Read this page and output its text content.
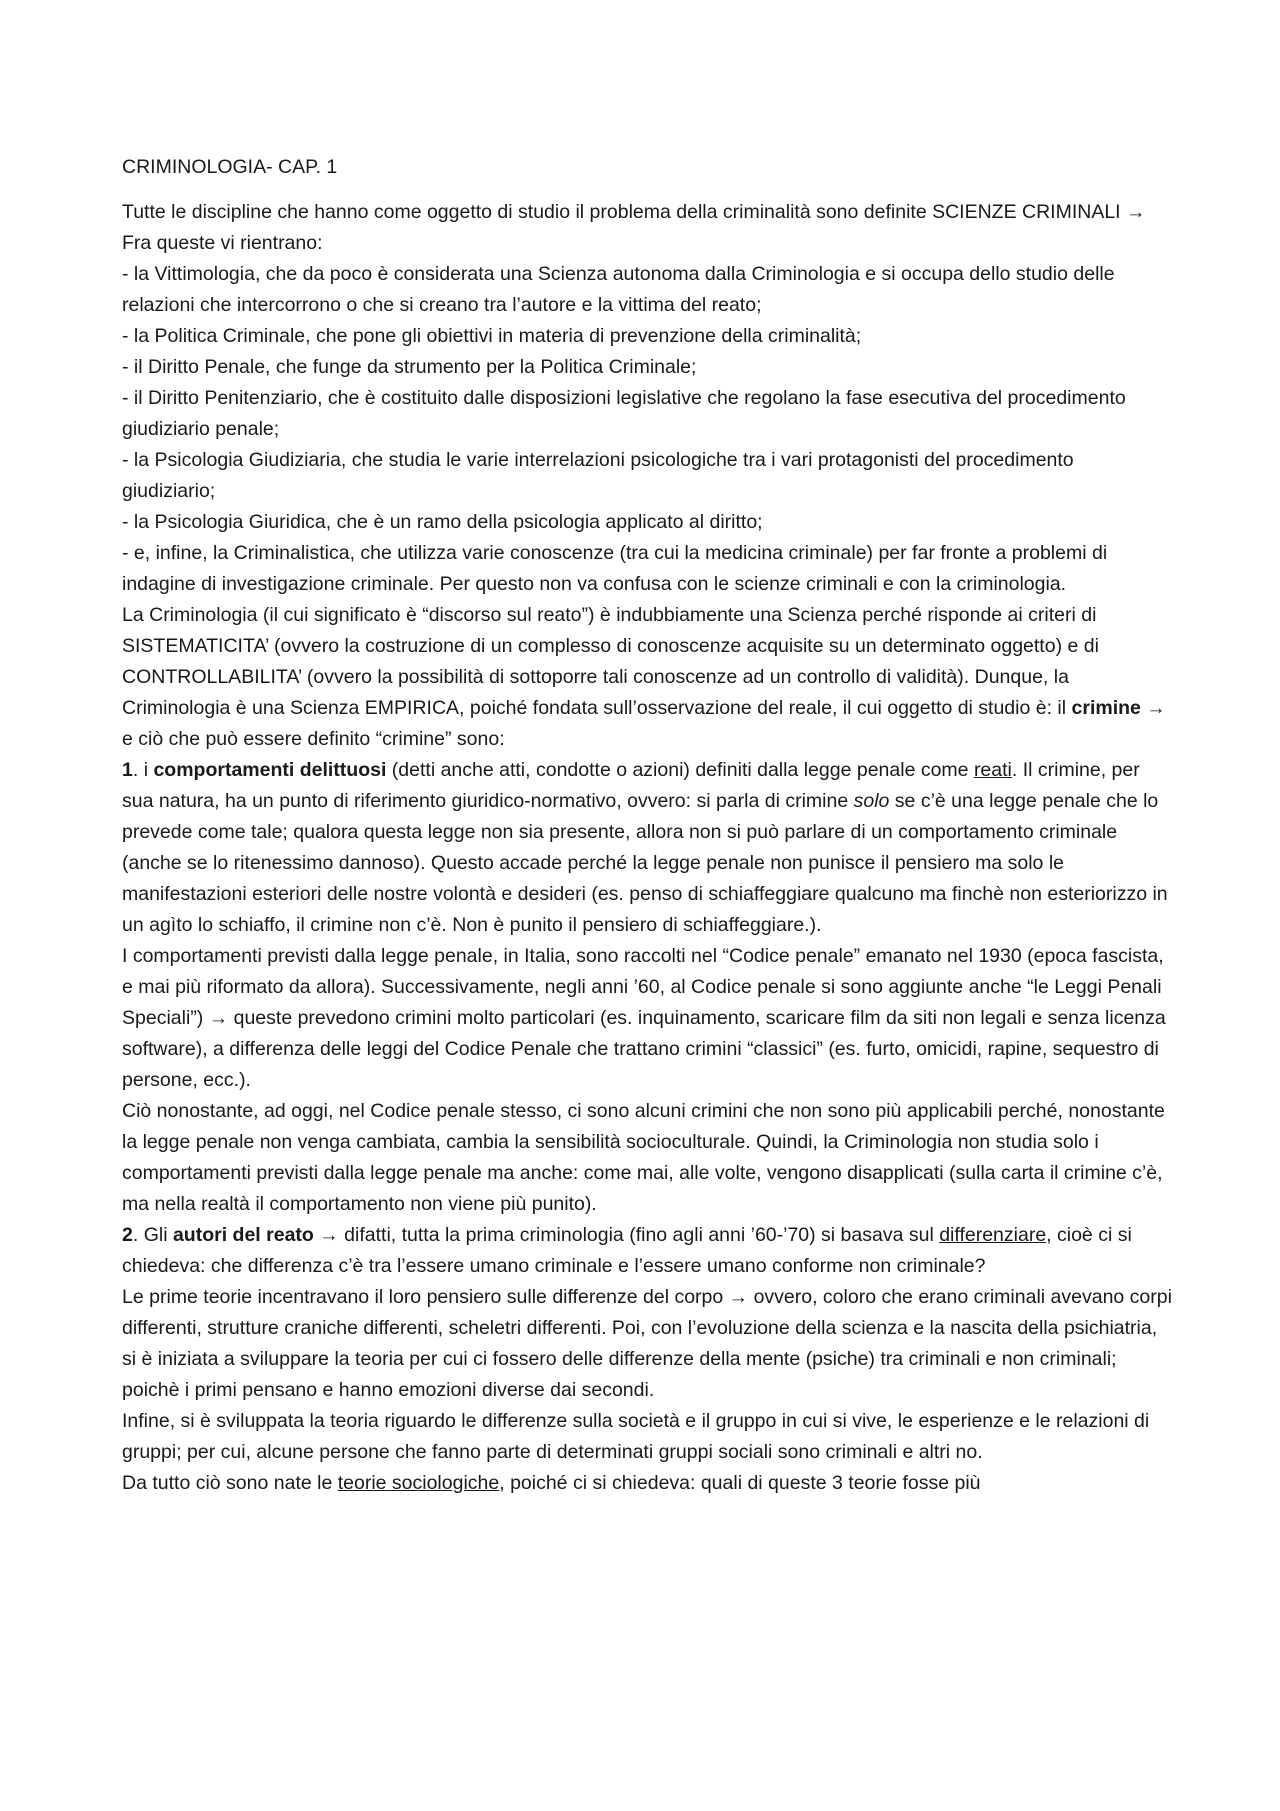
CRIMINOLOGIA- CAP. 1

Tutte le discipline che hanno come oggetto di studio il problema della criminalità sono definite SCIENZE CRIMINALI → Fra queste vi rientrano:

- la Vittimologia, che da poco è considerata una Scienza autonoma dalla Criminologia e si occupa dello studio delle relazioni che intercorrono o che si creano tra l’autore e la vittima del reato;

- la Politica Criminale, che pone gli obiettivi in materia di prevenzione della criminalità;

- il Diritto Penale, che funge da strumento per la Politica Criminale;

- il Diritto Penitenziario, che è costituito dalle disposizioni legislative che regolano la fase esecutiva del procedimento giudiziario penale;

- la Psicologia Giudiziaria, che studia le varie interrelazioni psicologiche tra i vari protagonisti del procedimento giudiziario;

- la Psicologia Giuridica, che è un ramo della psicologia applicato al diritto;

- e, infine, la Criminalistica, che utilizza varie conoscenze (tra cui la medicina criminale) per far fronte a problemi di indagine di investigazione criminale. Per questo non va confusa con le scienze criminali e con la criminologia.

La Criminologia (il cui significato è “discorso sul reato”) è indubbiamente una Scienza perché risponde ai criteri di SISTEMATICITA’ (ovvero la costruzione di un complesso di conoscenze acquisite su un determinato oggetto) e di CONTROLLABILITA’ (ovvero la possibilità di sottoporre tali conoscenze ad un controllo di validità). Dunque, la Criminologia è una Scienza EMPIRICA, poiché fondata sull’osservazione del reale, il cui oggetto di studio è: il crimine → e ciò che può essere definito “crimine” sono:

1. i comportamenti delittuosi (detti anche atti, condotte o azioni) definiti dalla legge penale come reati. Il crimine, per sua natura, ha un punto di riferimento giuridico-normativo, ovvero: si parla di crimine solo se c’è una legge penale che lo prevede come tale; qualora questa legge non sia presente, allora non si può parlare di un comportamento criminale (anche se lo ritenessimo dannoso). Questo accade perché la legge penale non punisce il pensiero ma solo le manifestazioni esteriori delle nostre volontà e desideri (es. penso di schiaffeggiare qualcuno ma finchè non esteriorizzo in un agìto lo schiaffo, il crimine non c’è. Non è punito il pensiero di schiaffeggiare.).

I comportamenti previsti dalla legge penale, in Italia, sono raccolti nel “Codice penale” emanato nel 1930 (epoca fascista, e mai più riformato da allora). Successivamente, negli anni ’60, al Codice penale si sono aggiunte anche “le Leggi Penali Speciali”) → queste prevedono crimini molto particolari (es. inquinamento, scaricare film da siti non legali e senza licenza software), a differenza delle leggi del Codice Penale che trattano crimini “classici” (es. furto, omicidi, rapine, sequestro di persone, ecc.).

Ciò nonostante, ad oggi, nel Codice penale stesso, ci sono alcuni crimini che non sono più applicabili perché, nonostante la legge penale non venga cambiata, cambia la sensibilità socioculturale. Quindi, la Criminologia non studia solo i comportamenti previsti dalla legge penale ma anche: come mai, alle volte, vengono disapplicati (sulla carta il crimine c’è, ma nella realtà il comportamento non viene più punito).

2. Gli autori del reato → difatti, tutta la prima criminologia (fino agli anni ’60-’70) si basava sul differenziare, cioè ci si chiedeva: che differenza c’è tra l’essere umano criminale e l’essere umano conforme non criminale?

Le prime teorie incentravano il loro pensiero sulle differenze del corpo → ovvero, coloro che erano criminali avevano corpi differenti, strutture craniche differenti, scheletri differenti. Poi, con l’evoluzione della scienza e la nascita della psichiatria, si è iniziata a sviluppare la teoria per cui ci fossero delle differenze della mente (psiche) tra criminali e non criminali; poichè i primi pensano e hanno emozioni diverse dai secondi.

Infine, si è sviluppata la teoria riguardo le differenze sulla società e il gruppo in cui si vive, le esperienze e le relazioni di gruppi; per cui, alcune persone che fanno parte di determinati gruppi sociali sono criminali e altri no.

Da tutto ciò sono nate le teorie sociologiche, poiché ci si chiedeva: quali di queste 3 teorie fosse più
